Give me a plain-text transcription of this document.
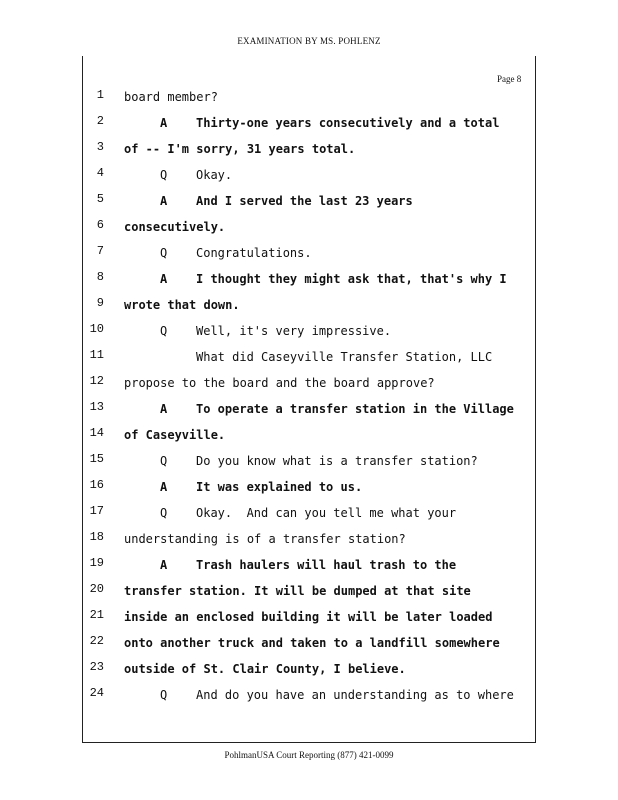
EXAMINATION BY MS. POHLENZ
Page 8
1 board member?
2	A Thirty-one years consecutively and a total
3 of -- I'm sorry, 31 years total.
4	Q Okay.
5	A And I served the last 23 years
6 consecutively.
7	Q Congratulations.
8	A I thought they might ask that, that's why I
9 wrote that down.
10	Q Well, it's very impressive.
11	What did Caseyville Transfer Station, LLC
12 propose to the board and the board approve?
13	A To operate a transfer station in the Village
14 of Caseyville.
15	Q Do you know what is a transfer station?
16	A It was explained to us.
17	Q Okay.  And can you tell me what your
18 understanding is of a transfer station?
19	A Trash haulers will haul trash to the
20 transfer station. It will be dumped at that site
21 inside an enclosed building it will be later loaded
22 onto another truck and taken to a landfill somewhere
23 outside of St. Clair County, I believe.
24	Q And do you have an understanding as to where
PohlmanUSA Court Reporting (877) 421-0099
